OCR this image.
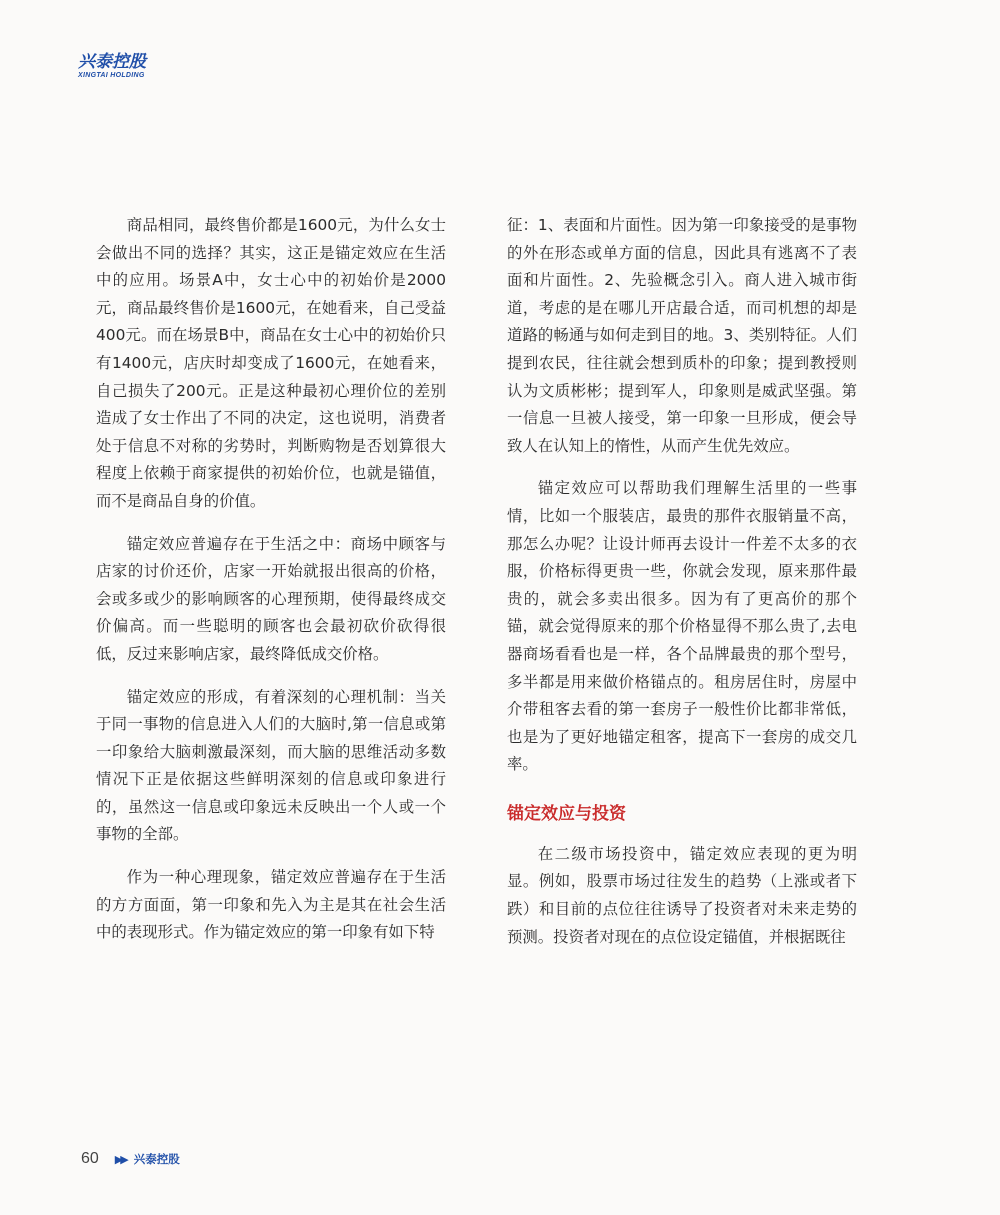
兴泰控股
XINGTAI HOLDING

商品相同，最终售价都是1600元，为什么女士会做出不同的选择？其实，这正是锚定效应在生活中的应用。场景A中，女士心中的初始价是2000元，商品最终售价是1600元，在她看来，自己受益400元。而在场景B中，商品在女士心中的初始价只有1400元，店庆时却变成了1600元，在她看来，自己损失了200元。正是这种最初心理价位的差别造成了女士作出了不同的决定，这也说明，消费者处于信息不对称的劣势时，判断购物是否划算很大程度上依赖于商家提供的初始价位，也就是锚值，而不是商品自身的价值。

锚定效应普遍存在于生活之中：商场中顾客与店家的讨价还价，店家一开始就报出很高的价格，会或多或少的影响顾客的心理预期，使得最终成交价偏高。而一些聪明的顾客也会最初砍价砍得很低，反过来影响店家，最终降低成交价格。

锚定效应的形成，有着深刻的心理机制：当关于同一事物的信息进入人们的大脑时,第一信息或第一印象给大脑刺激最深刻，而大脑的思维活动多数情况下正是依据这些鲜明深刻的信息或印象进行的，虽然这一信息或印象远未反映出一个人或一个事物的全部。

作为一种心理现象，锚定效应普遍存在于生活的方方面面，第一印象和先入为主是其在社会生活中的表现形式。作为锚定效应的第一印象有如下特

征：1、表面和片面性。因为第一印象接受的是事物的外在形态或单方面的信息，因此具有逃离不了表面和片面性。2、先验概念引入。商人进入城市街道，考虑的是在哪儿开店最合适，而司机想的却是道路的畅通与如何走到目的地。3、类别特征。人们提到农民，往往就会想到质朴的印象；提到教授则认为文质彬彬；提到军人，印象则是威武坚强。第一信息一旦被人接受，第一印象一旦形成，便会导致人在认知上的惰性，从而产生优先效应。

锚定效应可以帮助我们理解生活里的一些事情，比如一个服装店，最贵的那件衣服销量不高，那怎么办呢？让设计师再去设计一件差不太多的衣服，价格标得更贵一些，你就会发现，原来那件最贵的，就会多卖出很多。因为有了更高价的那个锚，就会觉得原来的那个价格显得不那么贵了,去电器商场看看也是一样，各个品牌最贵的那个型号，多半都是用来做价格锚点的。租房居住时，房屋中介带租客去看的第一套房子一般性价比都非常低，也是为了更好地锚定租客，提高下一套房的成交几率。

锚定效应与投资

在二级市场投资中，锚定效应表现的更为明显。例如，股票市场过往发生的趋势（上涨或者下跌）和目前的点位往往诱导了投资者对未来走势的预测。投资者对现在的点位设定锚值，并根据既往

60 ▶▶ 兴泰控股
